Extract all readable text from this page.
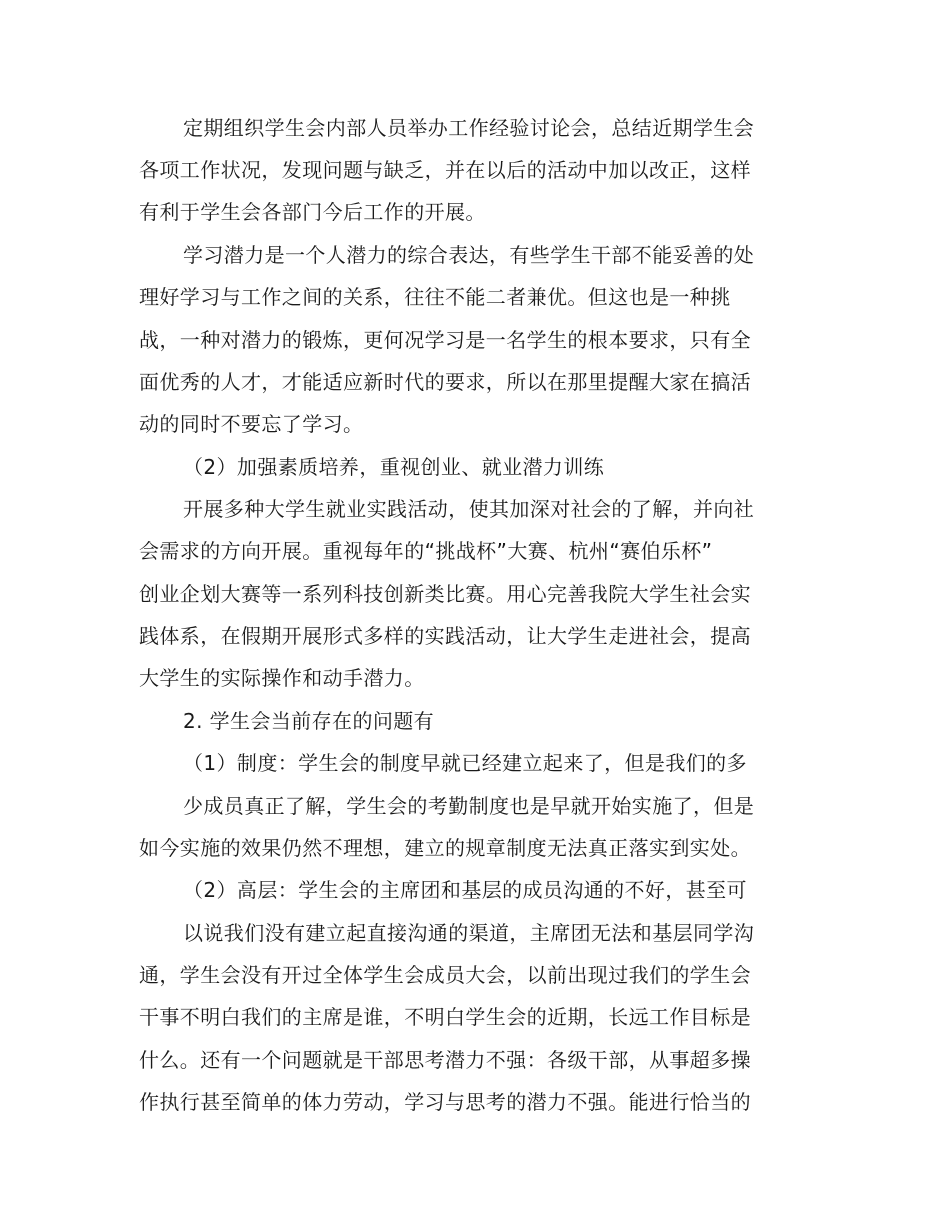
定期组织学生会内部人员举办工作经验讨论会，总结近期学生会
各项工作状况，发现问题与缺乏，并在以后的活动中加以改正，这样
有利于学生会各部门今后工作的开展。
学习潜力是一个人潜力的综合表达，有些学生干部不能妥善的处
理好学习与工作之间的关系，往往不能二者兼优。但这也是一种挑
战，一种对潜力的锻炼，更何况学习是一名学生的根本要求，只有全
面优秀的人才，才能适应新时代的要求，所以在那里提醒大家在搞活
动的同时不要忘了学习。
（2）加强素质培养，重视创业、就业潜力训练
开展多种大学生就业实践活动，使其加深对社会的了解，并向社
会需求的方向开展。重视每年的“挑战杯”大赛、杭州“赛伯乐杯”
创业企划大赛等一系列科技创新类比赛。用心完善我院大学生社会实
践体系，在假期开展形式多样的实践活动，让大学生走进社会，提高
大学生的实际操作和动手潜力。
2. 学生会当前存在的问题有
（1）制度：学生会的制度早就已经建立起来了，但是我们的多
少成员真正了解，学生会的考勤制度也是早就开始实施了，但是
如今实施的效果仍然不理想，建立的规章制度无法真正落实到实处。
（2）高层：学生会的主席团和基层的成员沟通的不好，甚至可
以说我们没有建立起直接沟通的渠道，主席团无法和基层同学沟
通，学生会没有开过全体学生会成员大会，以前出现过我们的学生会
干事不明白我们的主席是谁，不明白学生会的近期，长远工作目标是
什么。还有一个问题就是干部思考潜力不强：各级干部，从事超多操
作执行甚至简单的体力劳动，学习与思考的潜力不强。能进行恰当的
